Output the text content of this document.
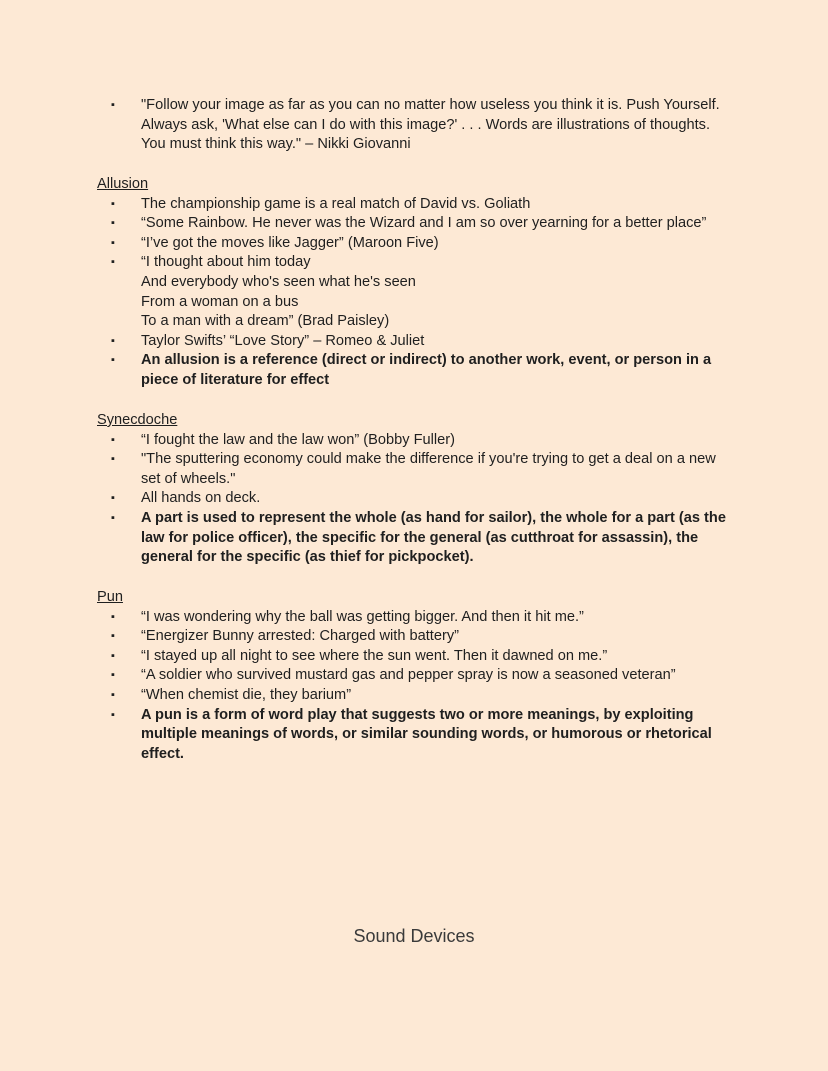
▪ "Follow your image as far as you can no matter how useless you think it is. Push Yourself. Always ask, 'What else can I do with this image?' . . . Words are illustrations of thoughts. You must think this way." – Nikki Giovanni

Allusion

▪ The championship game is a real match of David vs. Goliath
▪ “Some Rainbow. He never was the Wizard and I am so over yearning for a better place”
▪ “I’ve got the moves like Jagger” (Maroon Five)
▪ “I thought about him today
And everybody who's seen what he's seen
From a woman on a bus
To a man with a dream” (Brad Paisley)
▪ Taylor Swifts’ “Love Story” – Romeo & Juliet
▪ An allusion is a reference (direct or indirect) to another work, event, or person in a piece of literature for effect

Synecdoche

▪ “I fought the law and the law won” (Bobby Fuller)
▪ "The sputtering economy could make the difference if you're trying to get a deal on a new set of wheels."
▪ All hands on deck.
▪ A part is used to represent the whole (as hand for sailor), the whole for a part (as the law for police officer), the specific for the general (as cutthroat for assassin), the general for the specific (as thief for pickpocket).

Pun

▪ “I was wondering why the ball was getting bigger. And then it hit me.”
▪ “Energizer Bunny arrested: Charged with battery”
▪ “I stayed up all night to see where the sun went. Then it dawned on me.”
▪ “A soldier who survived mustard gas and pepper spray is now a seasoned veteran”
▪ “When chemist die, they barium”
▪ A pun is a form of word play that suggests two or more meanings, by exploiting multiple meanings of words, or similar sounding words, or humorous or rhetorical effect.
Sound Devices
